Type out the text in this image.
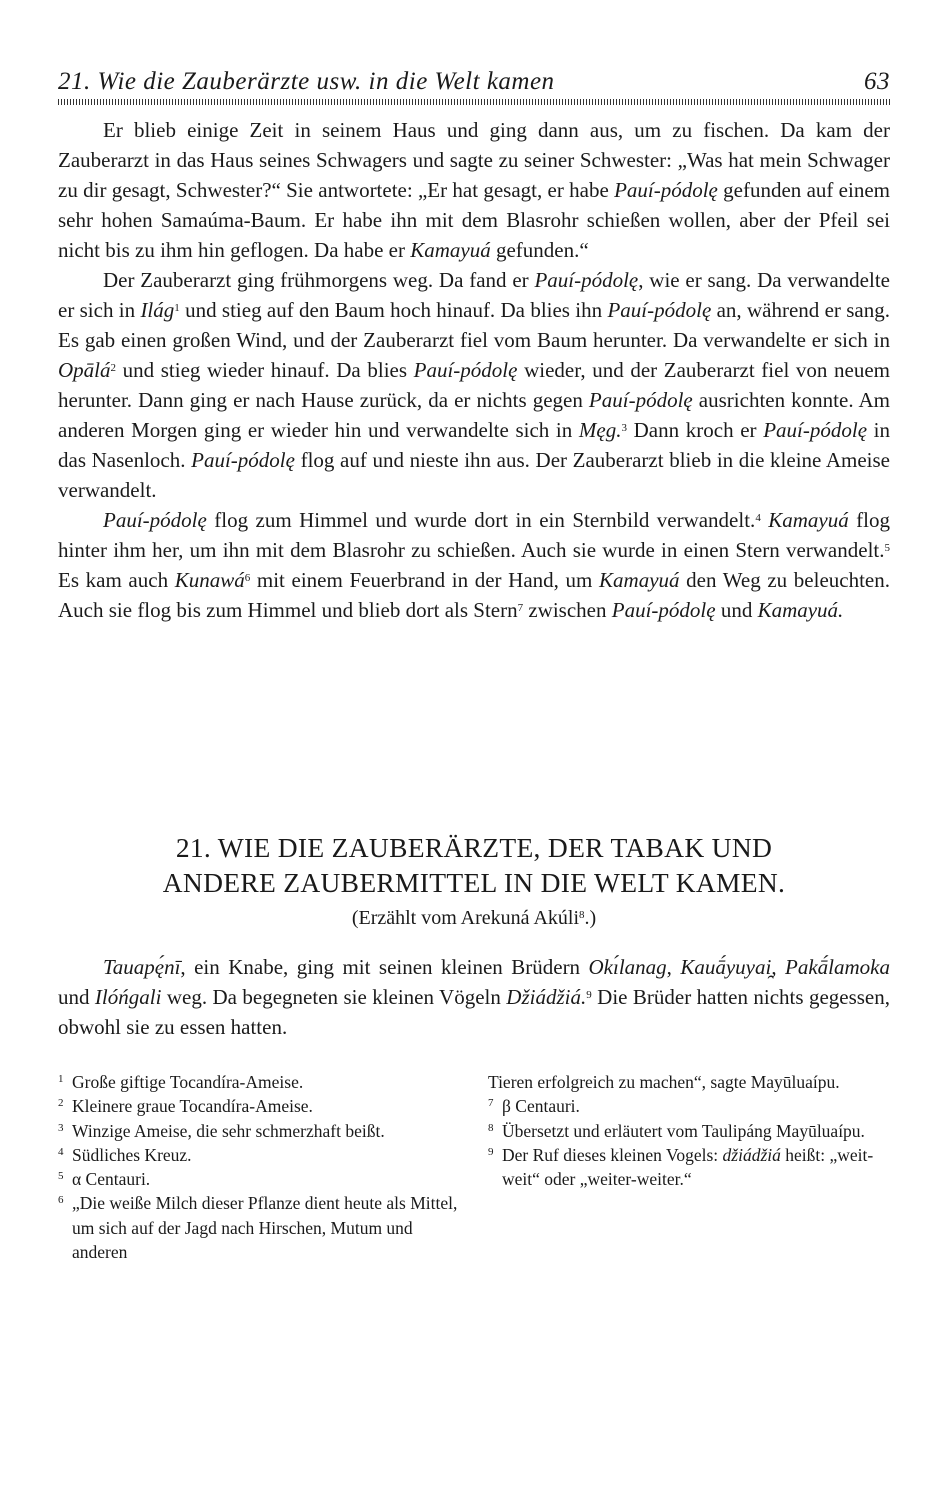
21. Wie die Zauberärzte usw. in die Welt kamen	63

Er blieb einige Zeit in seinem Haus und ging dann aus, um zu fischen. Da kam der Zauberarzt in das Haus seines Schwagers und sagte zu seiner Schwester: „Was hat mein Schwager zu dir gesagt, Schwester?“ Sie antwortete: „Er hat gesagt, er habe Pauí-pódolę gefunden auf einem sehr hohen Samaúma-Baum. Er habe ihn mit dem Blasrohr schießen wollen, aber der Pfeil sei nicht bis zu ihm hin geflogen. Da habe er Kamayuá gefunden.“

Der Zauberarzt ging frühmorgens weg. Da fand er Pauí-pódolę, wie er sang. Da verwandelte er sich in Ilág$^1$ und stieg auf den Baum hoch hinauf. Da blies ihn Pauí-pódolę an, während er sang. Es gab einen großen Wind, und der Zauberarzt fiel vom Baum herunter. Da verwandelte er sich in Opālá$^2$ und stieg wieder hinauf. Da blies Pauí-pódolę wieder, und der Zauberarzt fiel von neuem herunter. Dann ging er nach Hause zurück, da er nichts gegen Pauí-pódolę ausrichten konnte. Am anderen Morgen ging er wieder hin und verwandelte sich in Męg.$^3$ Dann kroch er Pauí-pódolę in das Nasenloch. Pauí-pódolę flog auf und nieste ihn aus. Der Zauberarzt blieb in die kleine Ameise verwandelt.

Pauí-pódolę flog zum Himmel und wurde dort in ein Sternbild verwandelt.$^4$ Kamayuá flog hinter ihm her, um ihn mit dem Blasrohr zu schießen. Auch sie wurde in einen Stern verwandelt.$^5$ Es kam auch Kunawá$^6$ mit einem Feuerbrand in der Hand, um Kamayuá den Weg zu beleuchten. Auch sie flog bis zum Himmel und blieb dort als Stern$^7$ zwischen Pauí-pódolę und Kamayuá.

21. WIE DIE ZAUBERÄRZTE, DER TABAK UND
ANDERE ZAUBERMITTEL IN DIE WELT KAMEN.
(Erzählt vom Arekuná Akúli$^8$.)

Tauapę́nī, ein Knabe, ging mit seinen kleinen Brüdern Okı́lanag, Kauā́yuyai̯, Pakā́lamoka und Ilóńgali weg. Da begegneten sie kleinen Vögeln Džiádžiá.$^9$ Die Brüder hatten nichts gegessen, obwohl sie zu essen hatten.

$^1$ Große giftige Tocandíra-Ameise.
$^2$ Kleinere graue Tocandíra-Ameise.
$^3$ Winzige Ameise, die sehr schmerzhaft beißt.
$^4$ Südliches Kreuz.
$^5$ α Centauri.
$^6$ „Die weiße Milch dieser Pflanze dient heute als Mittel, um sich auf der Jagd nach Hirschen, Mutum und anderen
Tieren erfolgreich zu machen“, sagte Mayūluaípu.
$^7$ β Centauri.
$^8$ Übersetzt und erläutert vom Taulipáng Mayūluaípu.
$^9$ Der Ruf dieses kleinen Vogels: džiádžiá heißt: „weit-weit“ oder „weiter-weiter.“
